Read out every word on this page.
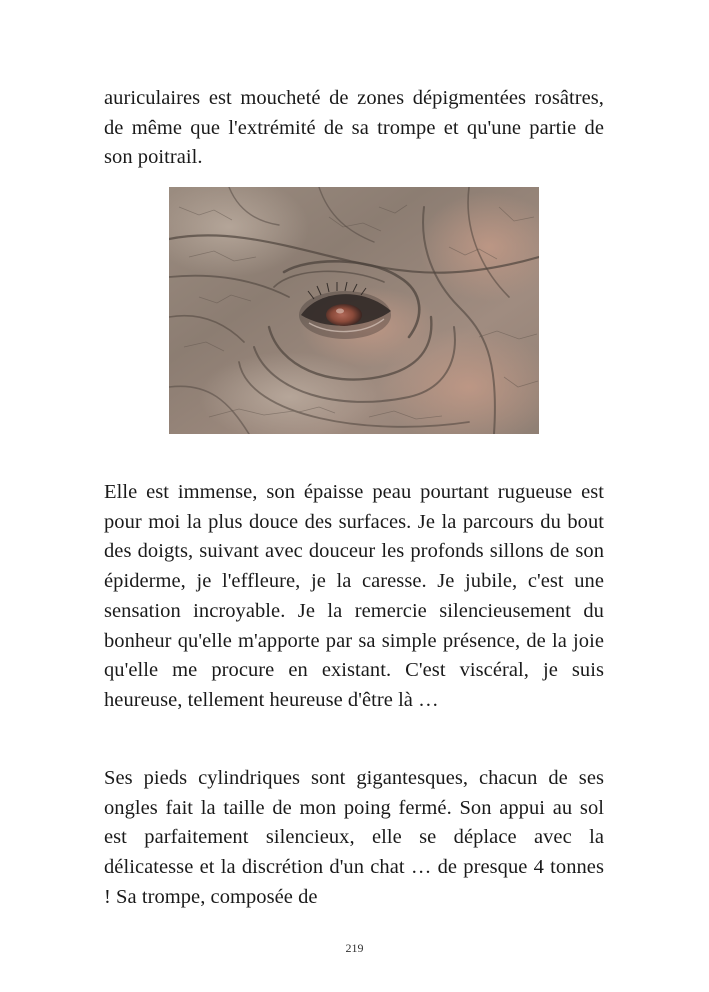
auriculaires est moucheté de zones dépigmentées rosâtres, de même que l'extrémité de sa trompe et qu'une partie de son poitrail.

Elle est immense, son épaisse peau pourtant rugueuse est pour moi la plus douce des surfaces. Je la parcours du bout des doigts, suivant avec douceur les profonds sillons de son épiderme, je l'effleure, je la caresse. Je jubile, c'est une sensation incroyable. Je la remercie silencieusement du bonheur qu'elle m'apporte par sa simple présence, de la joie qu'elle me procure en existant. C'est viscéral, je suis heureuse, tellement heureuse d'être là …

Ses pieds cylindriques sont gigantesques, chacun de ses ongles fait la taille de mon poing fermé. Son appui au sol est parfaitement silencieux, elle se déplace avec la délicatesse et la discrétion d'un chat … de presque 4 tonnes ! Sa trompe, composée de

219
